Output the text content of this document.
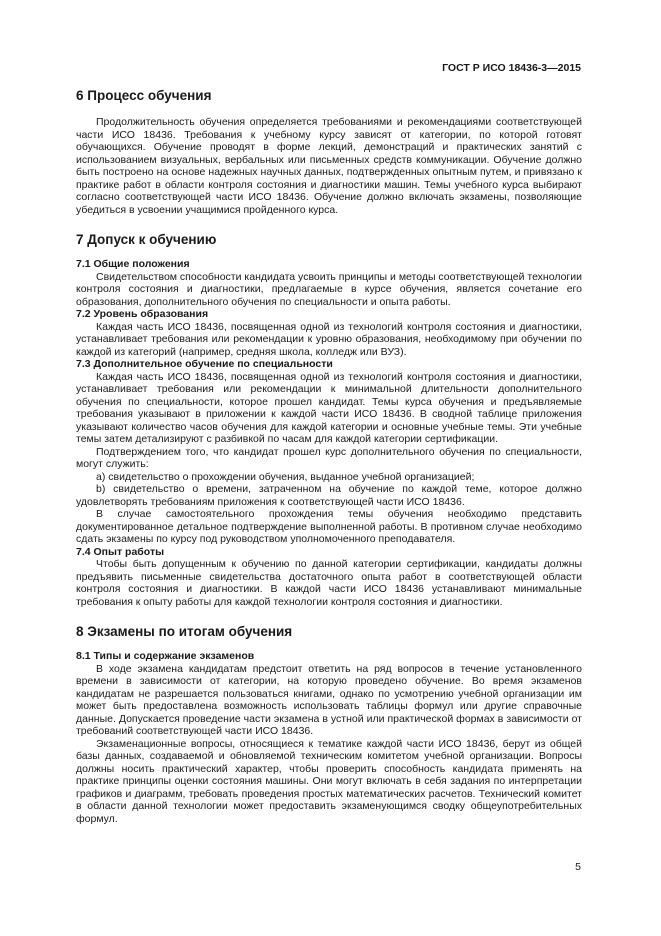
ГОСТ Р ИСО 18436-3—2015
6 Процесс обучения

Продолжительность обучения определяется требованиями и рекомендациями соответствующей части ИСО 18436. Требования к учебному курсу зависят от категории, по которой готовят обучающихся. Обучение проводят в форме лекций, демонстраций и практических занятий с использованием визуальных, вербальных или письменных средств коммуникации. Обучение должно быть построено на основе надежных научных данных, подтвержденных опытным путем, и привязано к практике работ в области контроля состояния и диагностики машин. Темы учебного курса выбирают согласно соответствующей части ИСО 18436. Обучение должно включать экзамены, позволяющие убедиться в усвоении учащимися пройденного курса.

7 Допуск к обучению
7.1 Общие положения

Свидетельством способности кандидата усвоить принципы и методы соответствующей технологии контроля состояния и диагностики, предлагаемые в курсе обучения, является сочетание его образования, дополнительного обучения по специальности и опыта работы.

7.2 Уровень образования

Каждая часть ИСО 18436, посвященная одной из технологий контроля состояния и диагностики, устанавливает требования или рекомендации к уровню образования, необходимому при обучении по каждой из категорий (например, средняя школа, колледж или ВУЗ).

7.3 Дополнительное обучение по специальности

Каждая часть ИСО 18436, посвященная одной из технологий контроля состояния и диагностики, устанавливает требования или рекомендации к минимальной длительности дополнительного обучения по специальности, которое прошел кандидат. Темы курса обучения и предъявляемые требования указывают в приложении к каждой части ИСО 18436. В сводной таблице приложения указывают количество часов обучения для каждой категории и основные учебные темы. Эти учебные темы затем детализируют с разбивкой по часам для каждой категории сертификации.

Подтверждением того, что кандидат прошел курс дополнительного обучения по специальности, могут служить:

a) свидетельство о прохождении обучения, выданное учебной организацией;

b) свидетельство о времени, затраченном на обучение по каждой теме, которое должно удовлетворять требованиям приложения к соответствующей части ИСО 18436.

В случае самостоятельного прохождения темы обучения необходимо представить документированное детальное подтверждение выполненной работы. В противном случае необходимо сдать экзамены по курсу под руководством уполномоченного преподавателя.

7.4 Опыт работы

Чтобы быть допущенным к обучению по данной категории сертификации, кандидаты должны предъявить письменные свидетельства достаточного опыта работ в соответствующей области контроля состояния и диагностики. В каждой части ИСО 18436 устанавливают минимальные требования к опыту работы для каждой технологии контроля состояния и диагностики.

8 Экзамены по итогам обучения
8.1 Типы и содержание экзаменов

В ходе экзамена кандидатам предстоит ответить на ряд вопросов в течение установленного времени в зависимости от категории, на которую проведено обучение. Во время экзаменов кандидатам не разрешается пользоваться книгами, однако по усмотрению учебной организации им может быть предоставлена возможность использовать таблицы формул или другие справочные данные. Допускается проведение части экзамена в устной или практической формах в зависимости от требований соответствующей части ИСО 18436.

Экзаменационные вопросы, относящиеся к тематике каждой части ИСО 18436, берут из общей базы данных, создаваемой и обновляемой техническим комитетом учебной организации. Вопросы должны носить практический характер, чтобы проверить способность кандидата применять на практике принципы оценки состояния машины. Они могут включать в себя задания по интерпретации графиков и диаграмм, требовать проведения простых математических расчетов. Технический комитет в области данной технологии может предоставить экзаменующимся сводку общеупотребительных формул.

5
